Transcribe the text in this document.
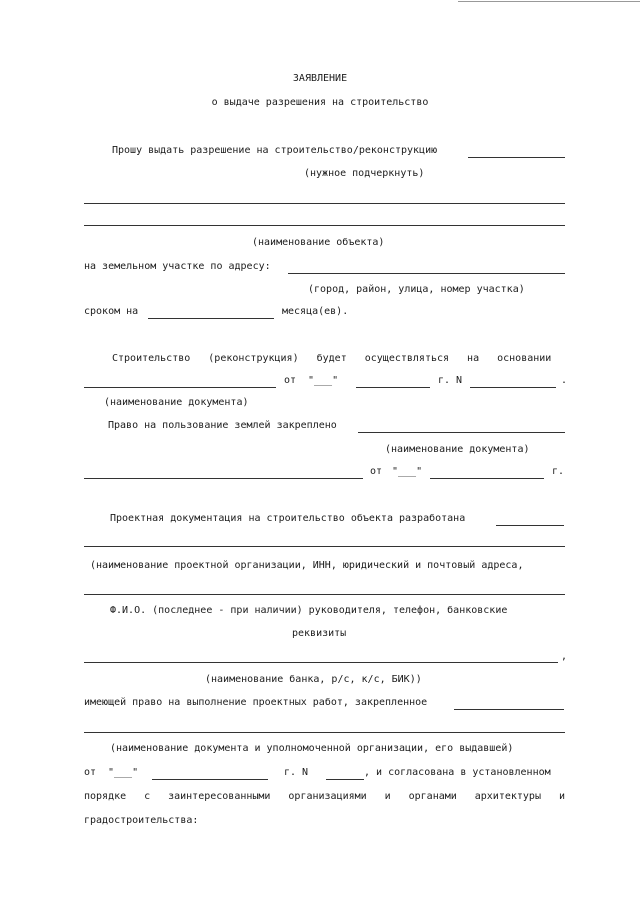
ЗАЯВЛЕНИЕ
о выдаче разрешения на строительство
Прошу выдать разрешение на строительство/реконструкцию
(нужное подчеркнуть)
(наименование объекта)
на земельном участке по адресу:
(город, район, улица, номер участка)
сроком на	месяца(ев).
Строительство (реконструкция) будет осуществляться на основании
от "___"	г. N	.
(наименование документа)
Право на пользование землей закреплено
(наименование документа)
от "___"	г.
Проектная документация на строительство объекта разработана
(наименование проектной организации, ИНН, юридический и почтовый адреса,
Ф.И.О. (последнее - при наличии) руководителя, телефон, банковские
реквизиты
,
(наименование банка, р/с, к/с, БИК))
имеющей право на выполнение проектных работ, закрепленное
(наименование документа и уполномоченной организации, его выдавшей)
от "___"	г. N	, и согласована в установленном
порядке с заинтересованными организациями и органами архитектуры и
градостроительства:
